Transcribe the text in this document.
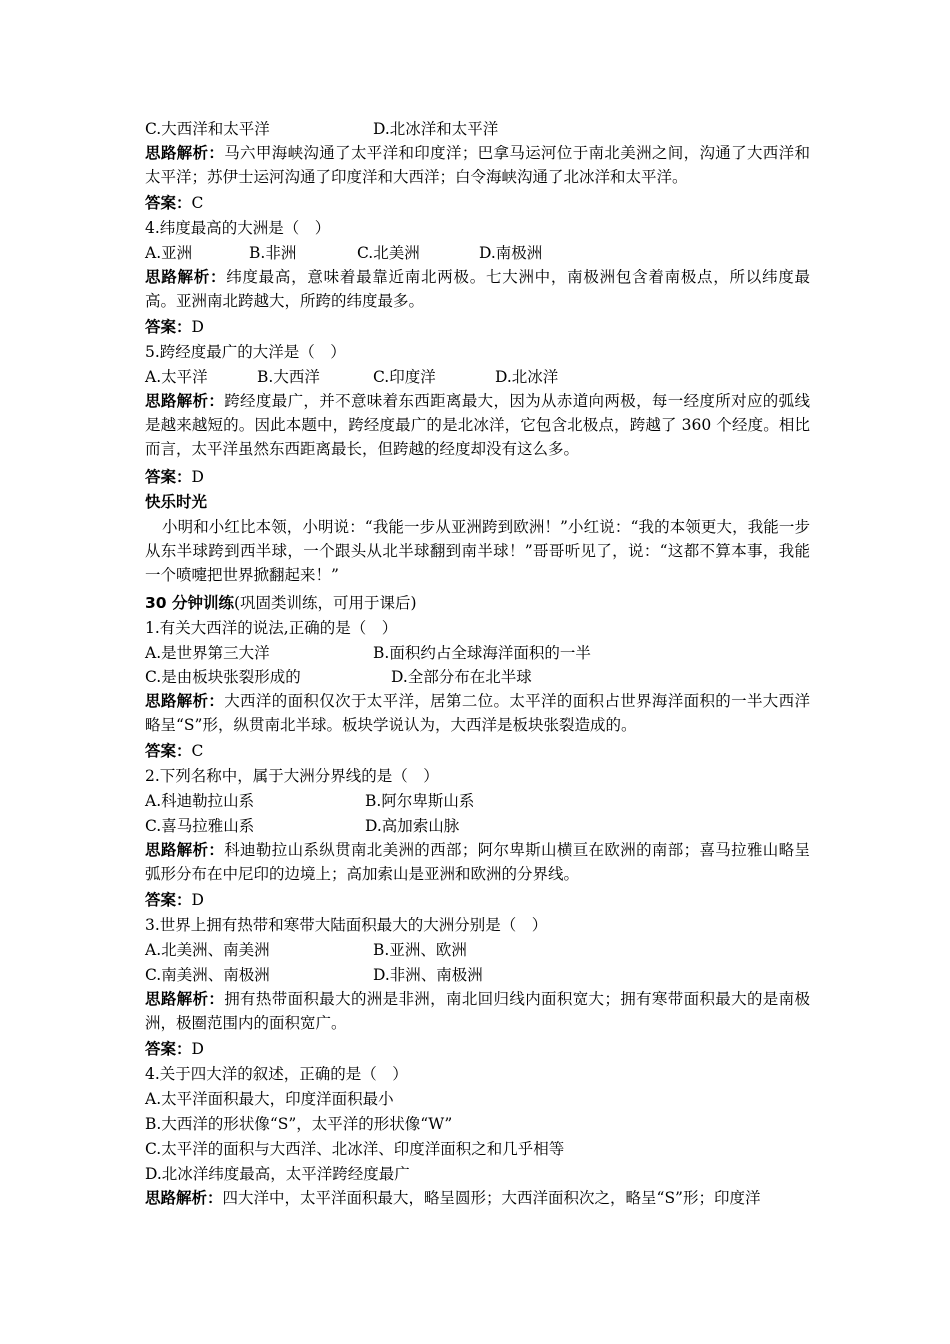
C.大西洋和太平洋	D.北冰洋和太平洋
思路解析：马六甲海峡沟通了太平洋和印度洋；巴拿马运河位于南北美洲之间，沟通了大西洋和太平洋；苏伊士运河沟通了印度洋和大西洋；白令海峡沟通了北冰洋和太平洋。
答案：C
4.纬度最高的大洲是（　）
A.亚洲	B.非洲	C.北美洲	D.南极洲
思路解析：纬度最高，意味着最靠近南北两极。七大洲中，南极洲包含着南极点，所以纬度最高。亚洲南北跨越大，所跨的纬度最多。
答案：D
5.跨经度最广的大洋是（　）
A.太平洋	B.大西洋	C.印度洋	D.北冰洋
思路解析：跨经度最广，并不意味着东西距离最大，因为从赤道向两极，每一经度所对应的弧线是越来越短的。因此本题中，跨经度最广的是北冰洋，它包含北极点，跨越了 360 个经度。相比而言，太平洋虽然东西距离最长，但跨越的经度却没有这么多。
答案：D
快乐时光
小明和小红比本领，小明说：“我能一步从亚洲跨到欧洲！”小红说：“我的本领更大，我能一步从东半球跨到西半球，一个跟头从北半球翻到南半球！”哥哥听见了，说：“这都不算本事，我能一个喷嚏把世界掀翻起来！”
30 分钟训练(巩固类训练，可用于课后)
1.有关大西洋的说法,正确的是（　）
A.是世界第三大洋	B.面积约占全球海洋面积的一半
C.是由板块张裂形成的	D.全部分布在北半球
思路解析：大西洋的面积仅次于太平洋，居第二位。太平洋的面积占世界海洋面积的一半大西洋略呈“S”形，纵贯南北半球。板块学说认为，大西洋是板块张裂造成的。
答案：C
2.下列名称中，属于大洲分界线的是（　）
A.科迪勒拉山系	B.阿尔卑斯山系
C.喜马拉雅山系	D.高加索山脉
思路解析：科迪勒拉山系纵贯南北美洲的西部；阿尔卑斯山横亘在欧洲的南部；喜马拉雅山略呈弧形分布在中尼印的边境上；高加索山是亚洲和欧洲的分界线。
答案：D
3.世界上拥有热带和寒带大陆面积最大的大洲分别是（　）
A.北美洲、南美洲	B.亚洲、欧洲
C.南美洲、南极洲	D.非洲、南极洲
思路解析：拥有热带面积最大的洲是非洲，南北回归线内面积宽大；拥有寒带面积最大的是南极洲，极圈范围内的面积宽广。
答案：D
4.关于四大洋的叙述，正确的是（　）
A.太平洋面积最大，印度洋面积最小
B.大西洋的形状像“S”，太平洋的形状像“W”
C.太平洋的面积与大西洋、北冰洋、印度洋面积之和几乎相等
D.北冰洋纬度最高，太平洋跨经度最广
思路解析：四大洋中，太平洋面积最大，略呈圆形；大西洋面积次之，略呈“S”形；印度洋
